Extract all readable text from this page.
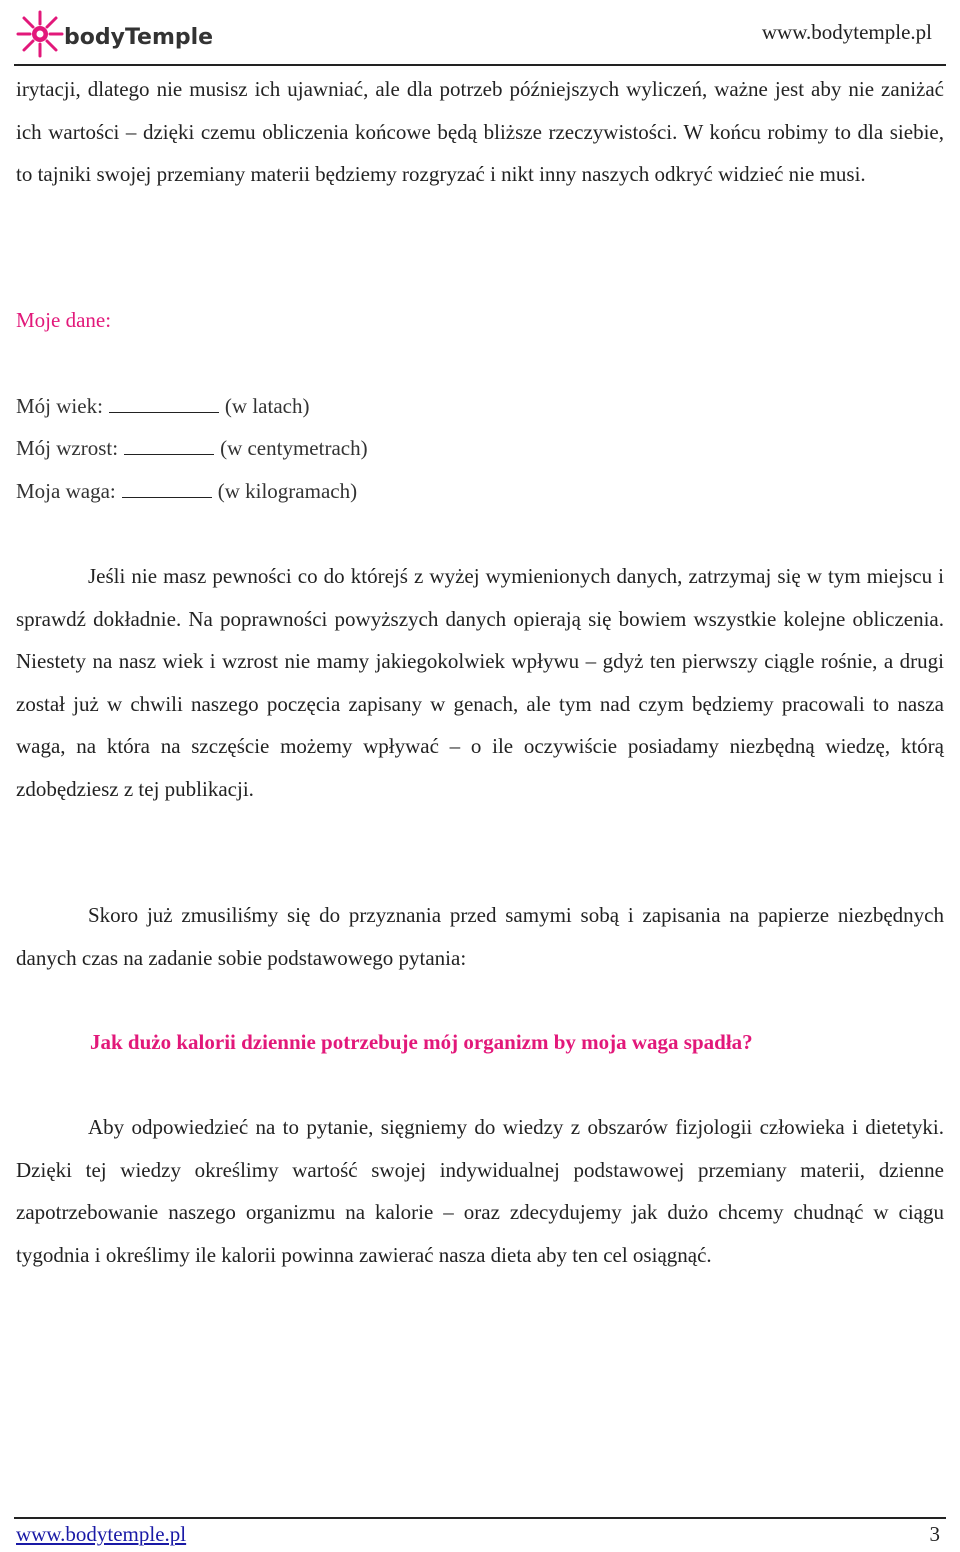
bodyTemple	www.bodytemple.pl

irytacji, dlatego nie musisz ich ujawniać, ale dla potrzeb późniejszych wyliczeń, ważne jest aby nie zaniżać ich wartości – dzięki czemu obliczenia końcowe będą bliższe rzeczywistości. W końcu robimy to dla siebie, to tajniki swojej przemiany materii będziemy rozgryzać i nikt inny naszych odkryć widzieć nie musi.

Moje dane:
Mój wiek:	(w latach)
Mój wzrost:	(w centymetrach)
Moja waga:	(w kilogramach)

Jeśli nie masz pewności co do którejś z wyżej wymienionych danych, zatrzymaj się w tym miejscu i sprawdź dokładnie. Na poprawności powyższych danych opierają się bowiem wszystkie kolejne obliczenia. Niestety na nasz wiek i wzrost nie mamy jakiegokolwiek wpływu – gdyż ten pierwszy ciągle rośnie, a drugi został już w chwili naszego poczęcia zapisany w genach, ale tym nad czym będziemy pracowali to nasza waga, na która na szczęście możemy wpływać – o ile oczywiście posiadamy niezbędną wiedzę, którą zdobędziesz z tej publikacji.

Skoro już zmusiliśmy się do przyznania przed samymi sobą i zapisania na papierze niezbędnych danych czas na zadanie sobie podstawowego pytania:

Jak dużo kalorii dziennie potrzebuje mój organizm by moja waga spadła?

Aby odpowiedzieć na to pytanie, sięgniemy do wiedzy z obszarów fizjologii człowieka i dietetyki. Dzięki tej wiedzy określimy wartość swojej indywidualnej podstawowej przemiany materii, dzienne zapotrzebowanie naszego organizmu na kalorie – oraz zdecydujemy jak dużo chcemy chudnąć w ciągu tygodnia i określimy ile kalorii powinna zawierać nasza dieta aby ten cel osiągnąć.

www.bodytemple.pl	3
